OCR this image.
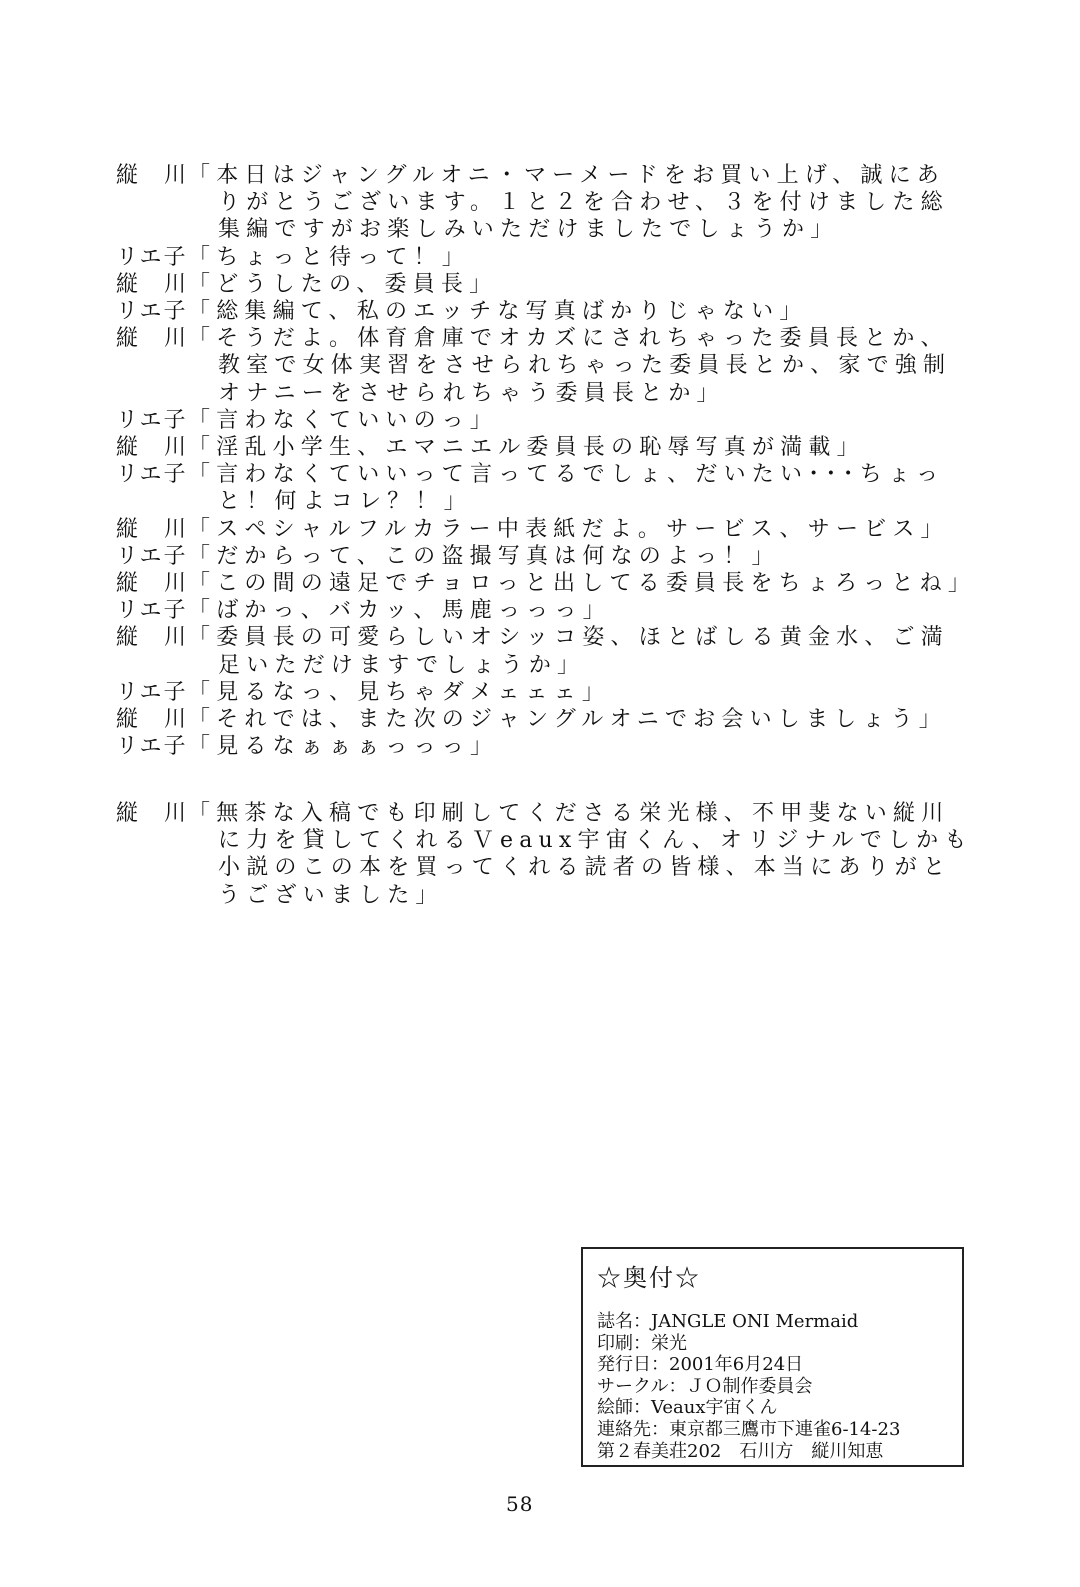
縦　川 「本日はジャングルオニ・マーメードをお買い上げ、誠にあ
りがとうございます。１と２を合わせ、３を付けました総
集編ですがお楽しみいただけましたでしょうか」
リエ子 「ちょっと待って！」
縦　川 「どうしたの、委員長」
リエ子 「総集編て、私のエッチな写真ばかりじゃない」
縦　川 「そうだよ。体育倉庫でオカズにされちゃった委員長とか、
教室で女体実習をさせられちゃった委員長とか、家で強制
オナニーをさせられちゃう委員長とか」
リエ子 「言わなくていいのっ」
縦　川 「淫乱小学生、エマニエル委員長の恥辱写真が満載」
リエ子 「言わなくていいって言ってるでしょ、だいたい･･･ちょっ
と！何よコレ？！」
縦　川 「スペシャルフルカラー中表紙だよ。サービス、サービス」
リエ子 「だからって、この盗撮写真は何なのよっ！」
縦　川 「この間の遠足でチョロっと出してる委員長をちょろっとね」
リエ子 「ばかっ、バカッ、馬鹿っっっ」
縦　川 「委員長の可愛らしいオシッコ姿、ほとばしる黄金水、ご満
足いただけますでしょうか」
リエ子 「見るなっ、見ちゃダメェェェ」
縦　川 「それでは、また次のジャングルオニでお会いしましょう」
リエ子 「見るなぁぁぁっっっ」
縦　川 「無茶な入稿でも印刷してくださる栄光様、不甲斐ない縦川
に力を貸してくれるＶeaux宇宙くん、オリジナルでしかも
小説のこの本を買ってくれる読者の皆様、本当にありがと
うございました」
☆奥付☆
誌名：JANGLE ONI Mermaid
印刷：栄光
発行日：2001年6月24日
サークル：ＪＯ制作委員会
絵師：Veaux宇宙くん
連絡先：東京都三鷹市下連雀6-14-23
第２春美荘202　石川方　縦川知恵
58
